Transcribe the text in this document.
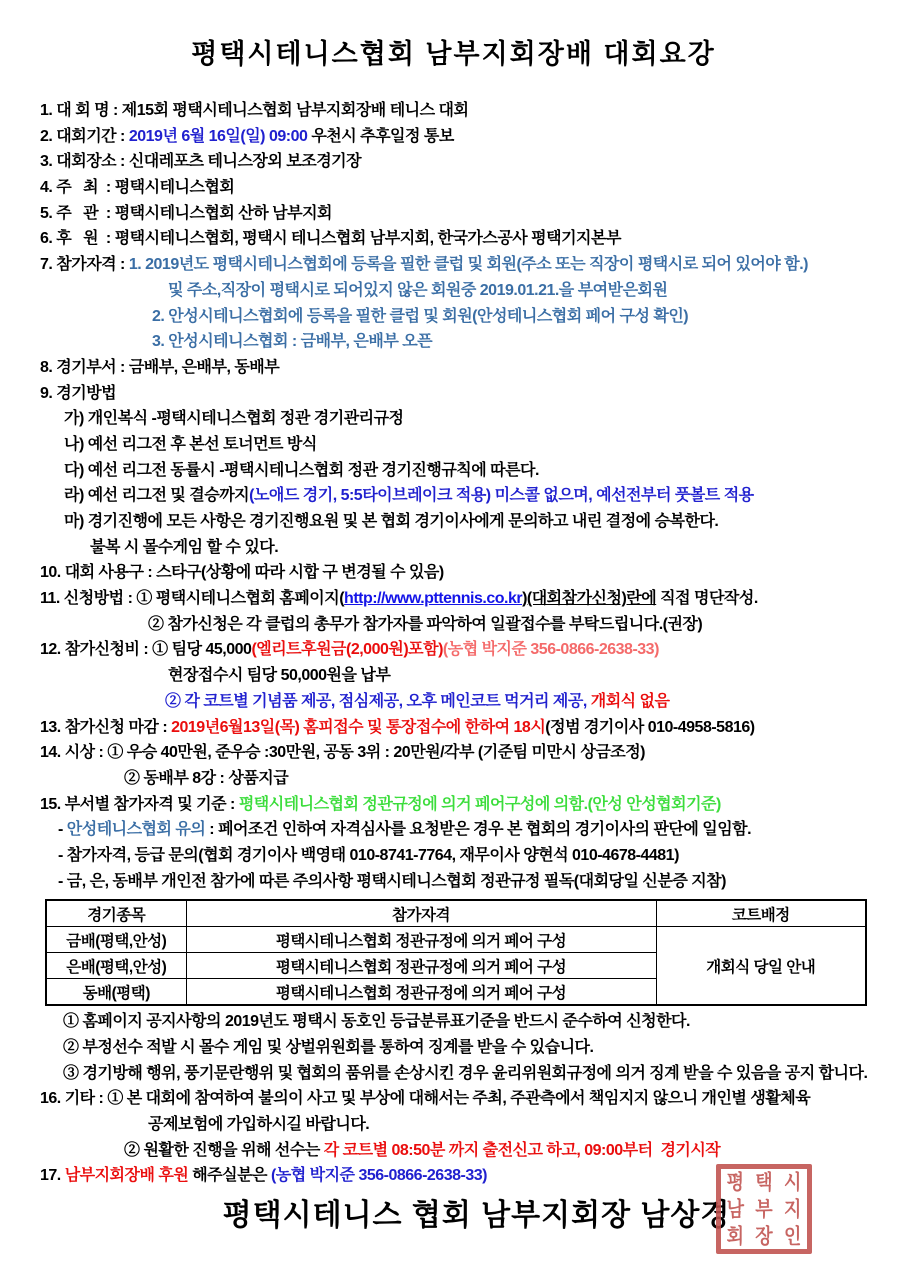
평택시테니스협회 남부지회장배 대회요강
1. 대 회 명 : 제15회 평택시테니스협회 남부지회장배 테니스 대회
2. 대회기간 : 2019년 6월 16일(일) 09:00 우천시 추후일정 통보
3. 대회장소 : 신대레포츠 테니스장외 보조경기장
4. 주   최  : 평택시테니스협회
5. 주   관  : 평택시테니스협회 산하 남부지회
6. 후   원  : 평택시테니스협회, 평택시 테니스협회 남부지회, 한국가스공사 평택기지본부
7. 참가자격 : 1. 2019년도 평택시테니스협회에 등록을 필한 클럽 및 회원(주소 또는 직장이 평택시로 되어 있어야 함.)
및 주소,직장이 평택시로 되어있지 않은 회원중 2019.01.21.을 부여받은회원
2. 안성시테니스협회에 등록을 필한 클럽 및 회원(안성테니스협회 페어 구성 확인)
3. 안성시테니스협회 : 금배부, 은배부 오픈
8. 경기부서 : 금배부, 은배부, 동배부
9. 경기방법
가) 개인복식 -평택시테니스협회 정관 경기관리규정
나) 예선 리그전 후 본선 토너먼트 방식
다) 예선 리그전 동률시 -평택시테니스협회 정관 경기진행규칙에 따른다.
라) 예선 리그전 및 결승까지(노애드 경기, 5:5타이브레이크 적용) 미스콜 없으며, 예선전부터 풋볼트 적용
마) 경기진행에 모든 사항은 경기진행요원 및 본 협회 경기이사에게 문의하고 내린 결정에 승복한다.
불복 시 몰수게임 할 수 있다.
10. 대회 사용구 : 스타구(상황에 따라 시합 구 변경될 수 있음)
11. 신청방법 : ① 평택시테니스협회 홈페이지(http://www.pttennis.co.kr)(대회참가신청)란에 직접 명단작성.
② 참가신청은 각 클럽의 총무가 참가자를 파악하여 일괄접수를 부탁드립니다.(권장)
12. 참가신청비 : ① 팀당 45,000(엘리트후원금(2,000원)포함)(농협 박지준 356-0866-2638-33)
현장접수시 팀당 50,000원을 납부
② 각 코트별 기념품 제공, 점심제공, 오후 메인코트 먹거리 제공, 개회식 없음
13. 참가신청 마감 : 2019년6월13일(목) 홈피접수 및 통장접수에 한하여 18시(정범 경기이사 010-4958-5816)
14. 시상 : ① 우승 40만원, 준우승 :30만원, 공동 3위 : 20만원/각부 (기준팀 미만시 상금조정)
② 동배부 8강 : 상품지급
15. 부서별 참가자격 및 기준 : 평택시테니스협회 정관규정에 의거 페어구성에 의함.(안성 안성협회기준)
- 안성테니스협회 유의 : 페어조건 인하여 자격심사를 요청받은 경우 본 협회의 경기이사의 판단에 일임함.
- 참가자격, 등급 문의(협회 경기이사 백영태 010-8741-7764, 재무이사 양현석 010-4678-4481)
- 금, 은, 동배부 개인전 참가에 따른 주의사항 평택시테니스협회 정관규정 필독(대회당일 신분증 지참)
경기종목	참가자격	코트배정
금배(평택,안성)	평택시테니스협회 정관규정에 의거 페어 구성	개회식 당일 안내
은배(평택,안성)	평택시테니스협회 정관규정에 의거 페어 구성	
동배(평택)	평택시테니스협회 정관규정에 의거 페어 구성	
① 홈페이지 공지사항의 2019년도 평택시 동호인 등급분류표기준을 반드시 준수하여 신청한다.
② 부정선수 적발 시 몰수 게임 및 상벌위원회를 통하여 징계를 받을 수 있습니다.
③ 경기방해 행위, 풍기문란행위 및 협회의 품위를 손상시킨 경우 윤리위원회규정에 의거 징계 받을 수 있음을 공지 합니다.
16. 기타 : ① 본 대회에 참여하여 불의이 사고 및 부상에 대해서는 주최, 주관측에서 책임지지 않으니 개인별 생활체육
공제보험에 가입하시길 바랍니다.
② 원활한 진행을 위해 선수는 각 코트별 08:50분 까지 출전신고 하고, 09:00부터  경기시작
17. 남부지회장배 후원 해주실분은 (농협 박지준 356-0866-2638-33)
평택시테니스 협회 남부지회장 남상경
평 택 시
남 부 지
회 장 인
